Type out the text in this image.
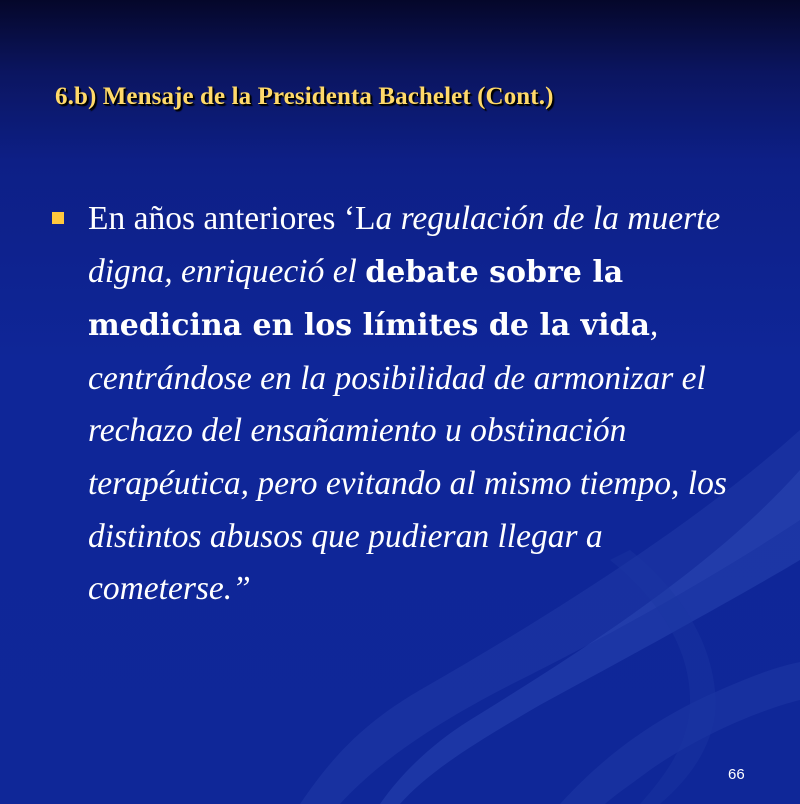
6.b) Mensaje de la Presidenta Bachelet (Cont.)

En años anteriores ‘La regulación de la muerte digna, enriqueció el debate sobre la medicina en los límites de la vida, centrándose en la posibilidad de armonizar el rechazo del ensañamiento u obstinación terapéutica, pero evitando al mismo tiempo, los distintos abusos que pudieran llegar a cometerse.”

66
